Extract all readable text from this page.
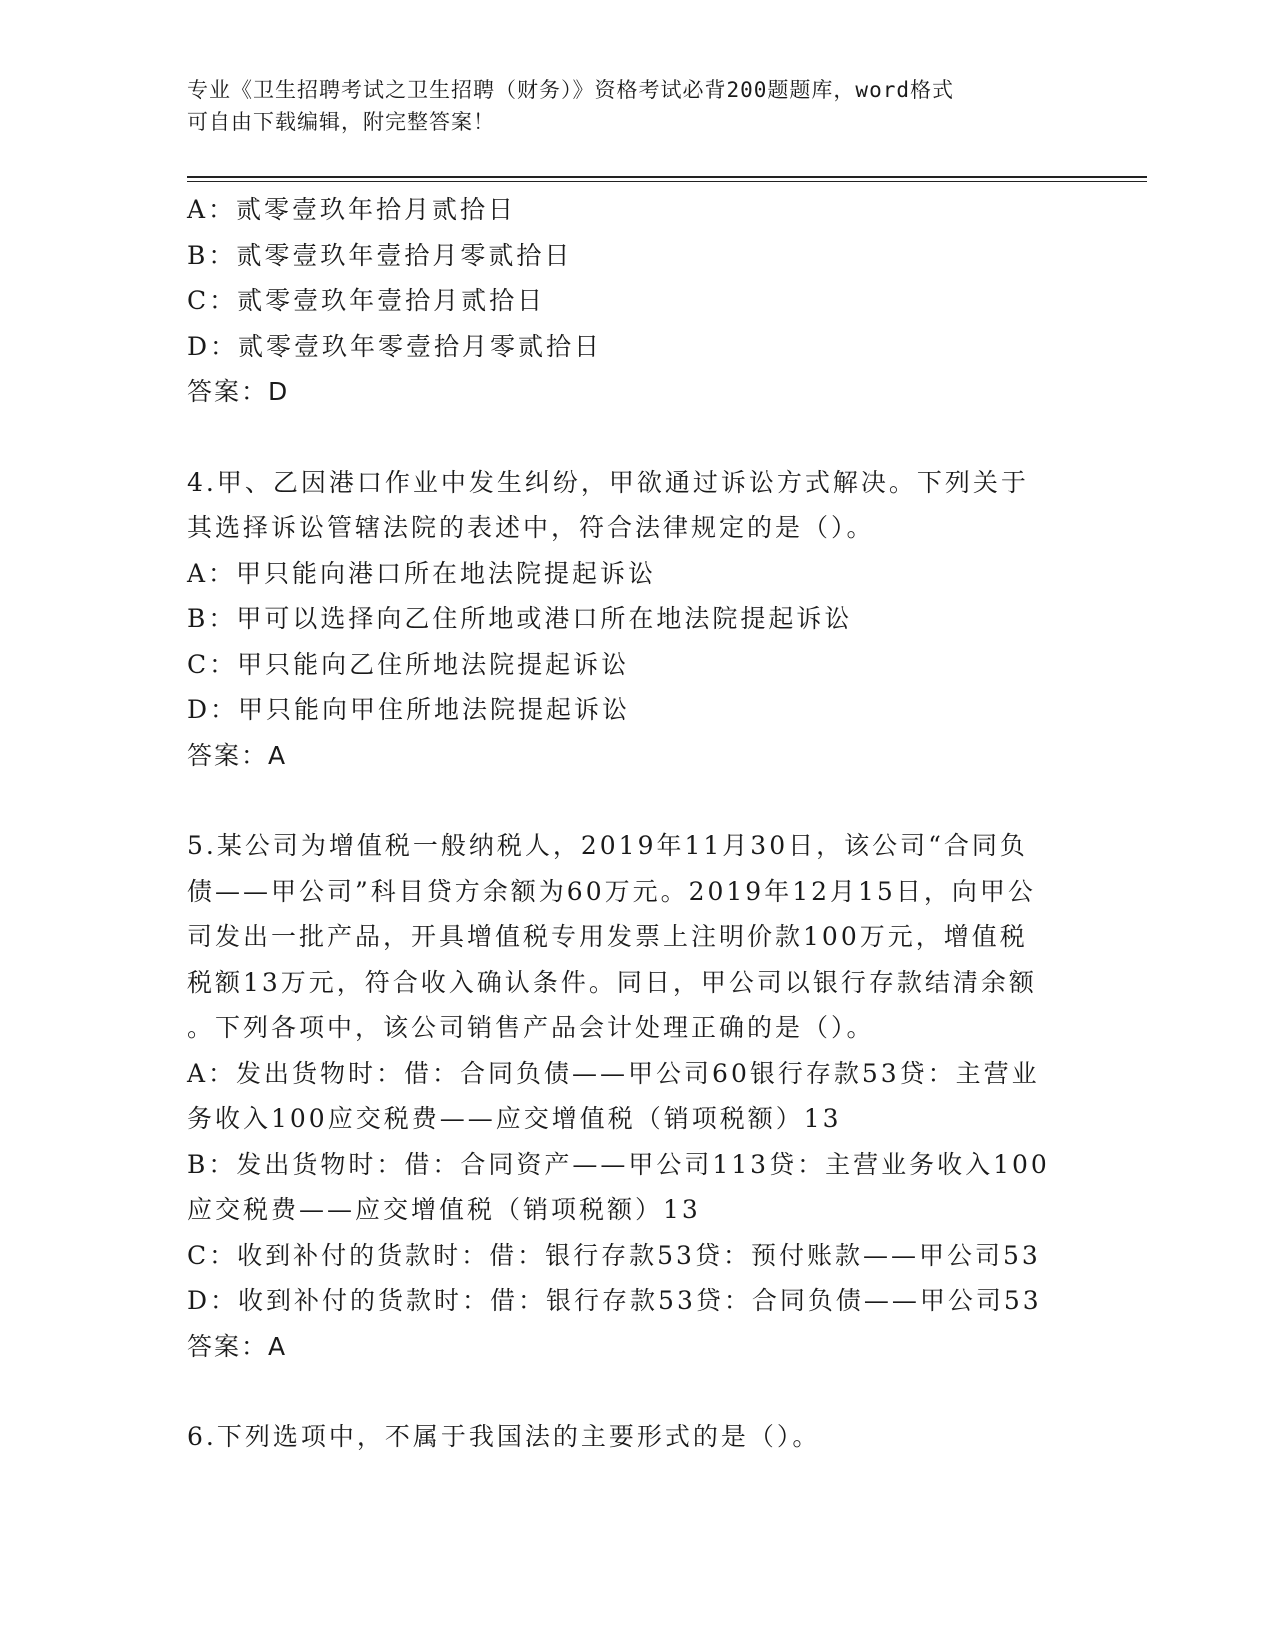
专业《卫生招聘考试之卫生招聘（财务）》资格考试必背200题题库，word格式
可自由下载编辑，附完整答案！
A：贰零壹玖年拾月贰拾日
B：贰零壹玖年壹拾月零贰拾日
C：贰零壹玖年壹拾月贰拾日
D：贰零壹玖年零壹拾月零贰拾日
答案：D
4.甲、乙因港口作业中发生纠纷，甲欲通过诉讼方式解决。下列关于
其选择诉讼管辖法院的表述中，符合法律规定的是（）。
A：甲只能向港口所在地法院提起诉讼
B：甲可以选择向乙住所地或港口所在地法院提起诉讼
C：甲只能向乙住所地法院提起诉讼
D：甲只能向甲住所地法院提起诉讼
答案：A
5.某公司为增值税一般纳税人，2019年11月30日，该公司“合同负
债——甲公司”科目贷方余额为60万元。2019年12月15日，向甲公
司发出一批产品，开具增值税专用发票上注明价款100万元，增值税
税额13万元，符合收入确认条件。同日，甲公司以银行存款结清余额
。下列各项中，该公司销售产品会计处理正确的是（）。
A：发出货物时：借：合同负债——甲公司60银行存款53贷：主营业
务收入100应交税费——应交增值税（销项税额）13
B：发出货物时：借：合同资产——甲公司113贷：主营业务收入100
应交税费——应交增值税（销项税额）13
C：收到补付的货款时：借：银行存款53贷：预付账款——甲公司53
D：收到补付的货款时：借：银行存款53贷：合同负债——甲公司53
答案：A
6.下列选项中，不属于我国法的主要形式的是（）。
